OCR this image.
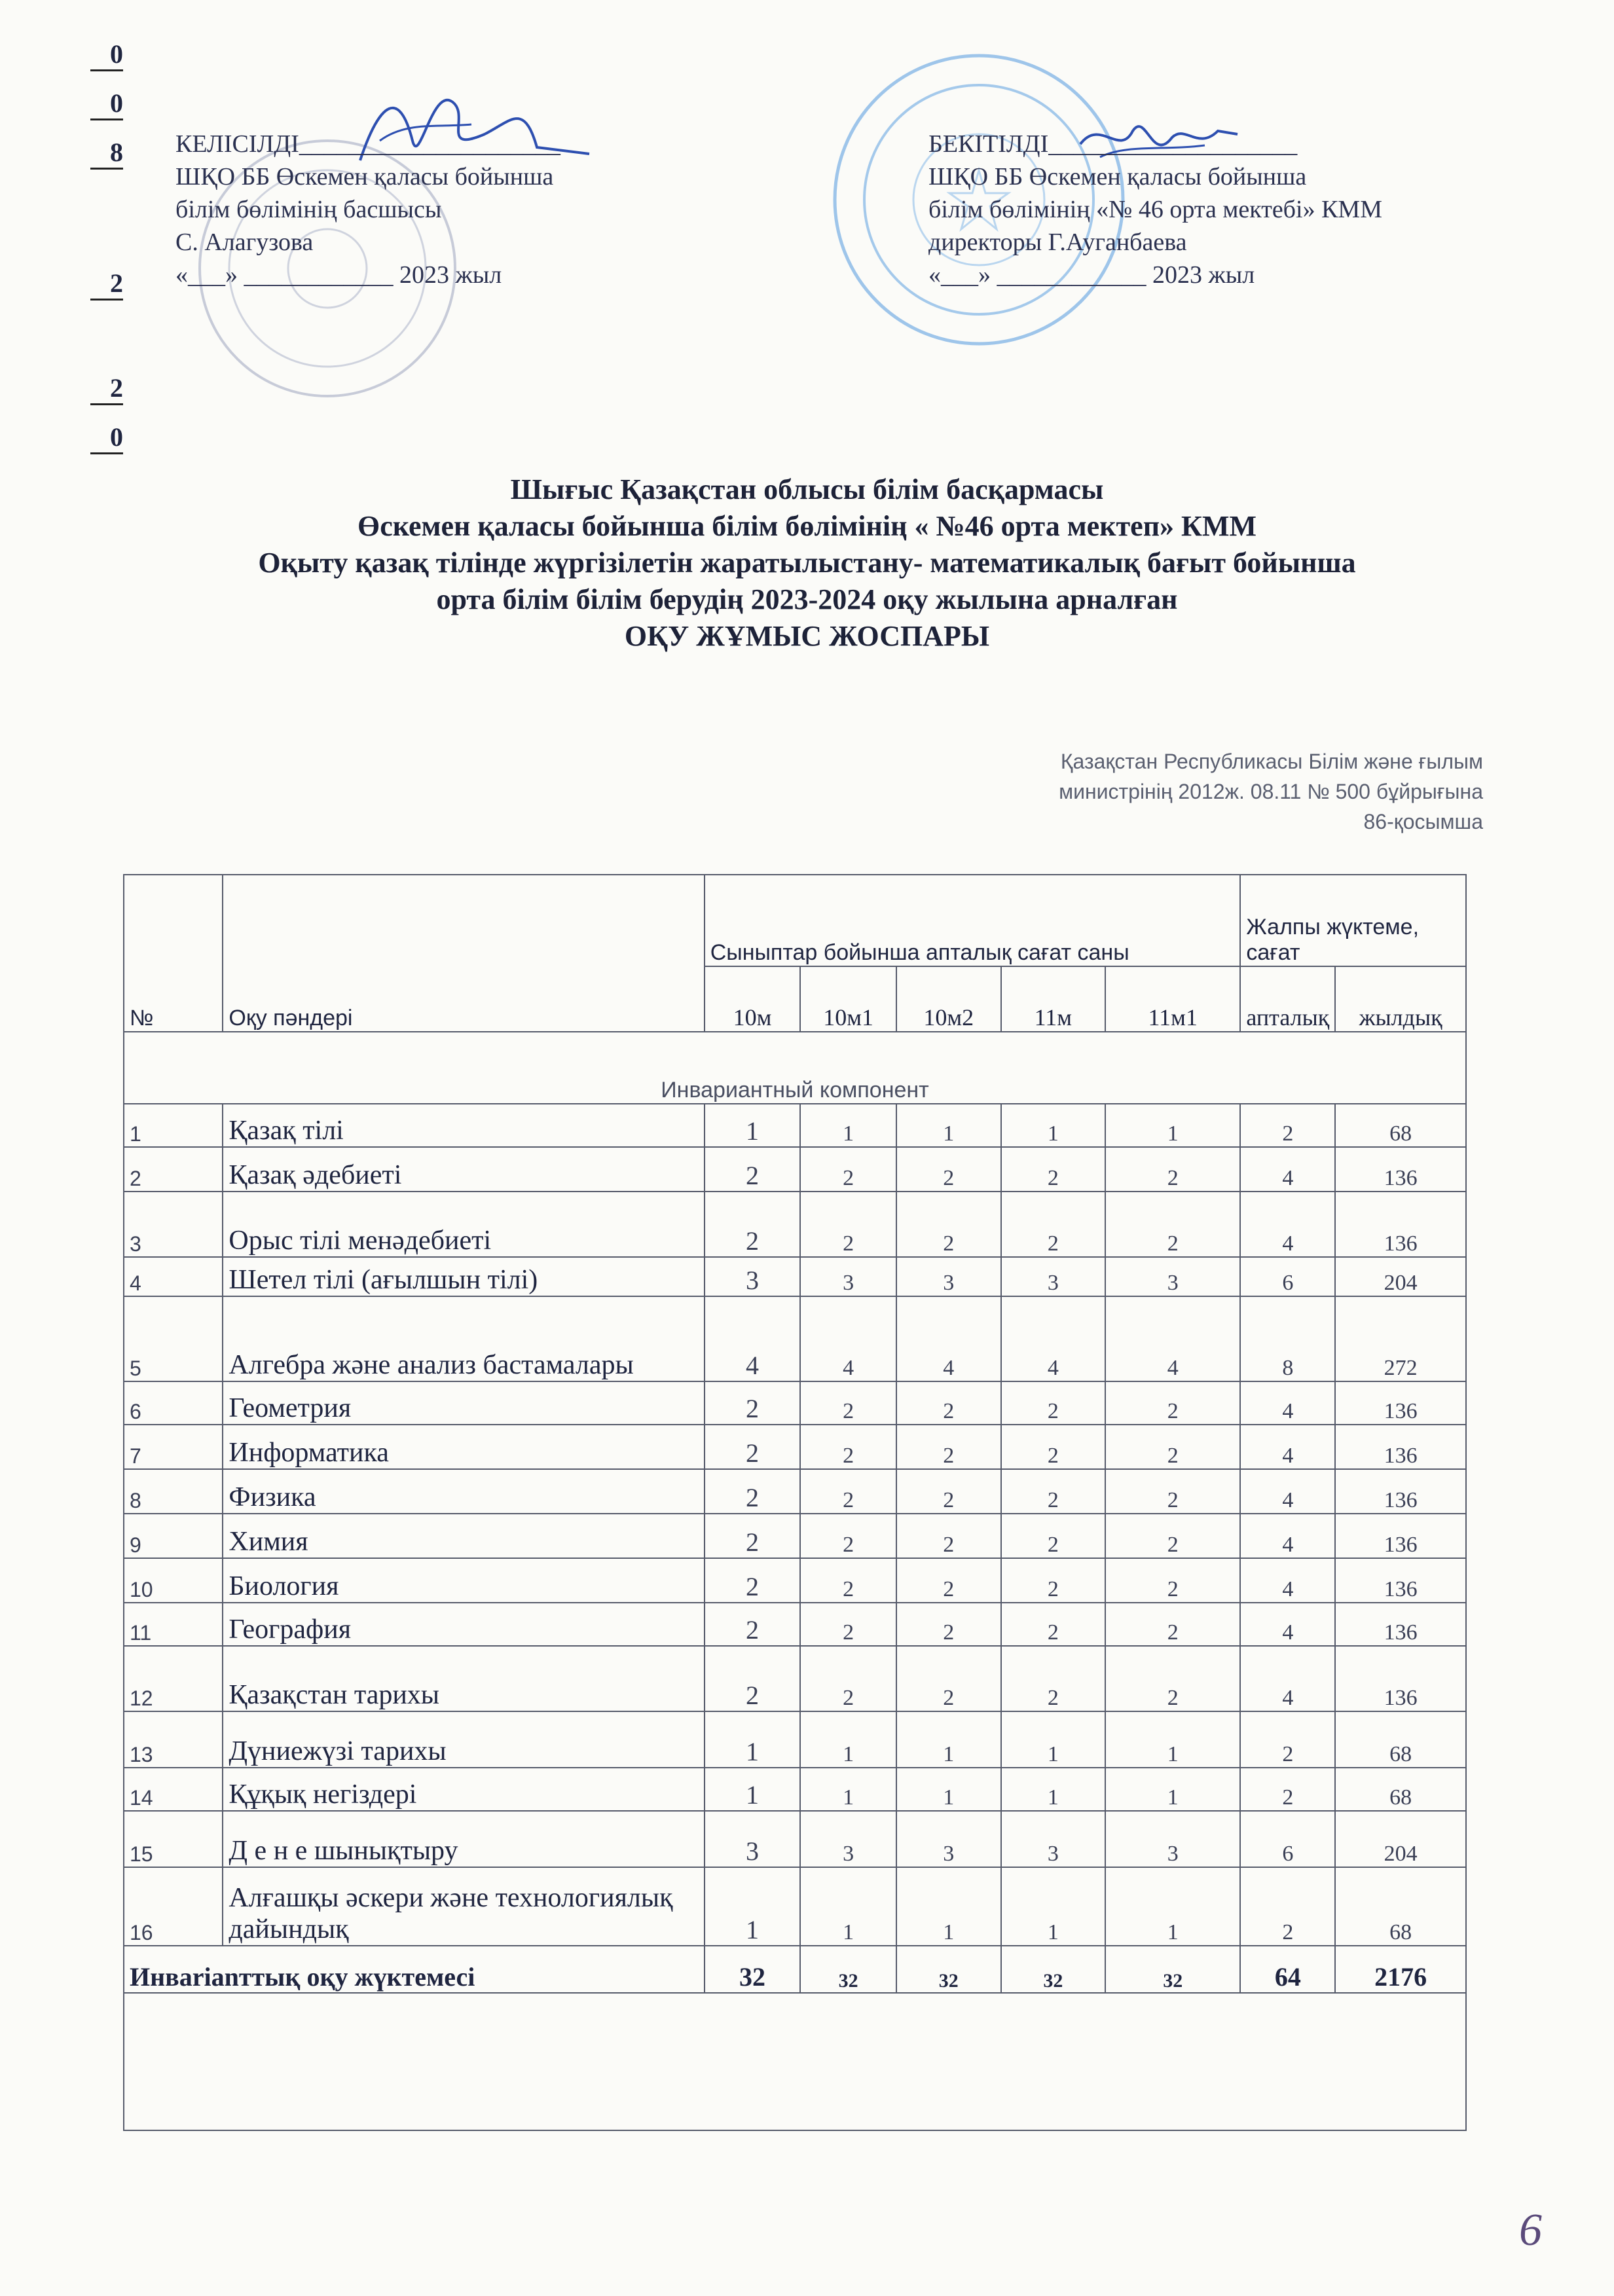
0
0
8
2
2
0
КЕЛІСІЛДІ_____________________
ШҚО ББ Өскемен қаласы бойынша
білім бөлімінің басшысы
С. Алагузова
«___» ____________ 2023 жыл
БЕКІТІЛДІ____________________
ШҚО ББ Өскемен қаласы бойынша
білім бөлімінің «№ 46 орта мектебі» КММ
директоры Г.Ауганбаева
«___» ____________ 2023 жыл
Шығыс Қазақстан облысы білім басқармасы
Өскемен қаласы бойынша білім бөлімінің « №46 орта мектеп» КММ
Оқыту қазақ тілінде жүргізілетін жаратылыстану- математикалық бағыт бойынша
орта білім білім берудің 2023-2024 оқу жылына арналған
ОҚУ ЖҰМЫС ЖОСПАРЫ
Қазақстан Республикасы Білім және ғылым
министрінің 2012ж. 08.11 № 500 бұйрығына
86-қосымша
№	Оқу пәндері	Сыныптар бойынша апталық сағат саны					Жалпы жүктеме, сағат	
		10м	10м1	10м2	11м	11м1	апталық	жылдық
Инвариантный компонент								
1	Қазақ тілі	1	1	1	1	1	2	68
2	Қазақ әдебиеті	2	2	2	2	2	4	136
3	Орыс тілі менәдебиеті	2	2	2	2	2	4	136
4	Шетел тілі (ағылшын тілі)	3	3	3	3	3	6	204
5	Алгебра және анализ бастамалары	4	4	4	4	4	8	272
6	Геометрия	2	2	2	2	2	4	136
7	Информатика	2	2	2	2	2	4	136
8	Физика	2	2	2	2	2	4	136
9	Химия	2	2	2	2	2	4	136
10	Биология	2	2	2	2	2	4	136
11	География	2	2	2	2	2	4	136
12	Қазақстан тарихы	2	2	2	2	2	4	136
13	Дүниежүзі тарихы	1	1	1	1	1	2	68
14	Құқық негіздері	1	1	1	1	1	2	68
15	Д е н е шынықтыру	3	3	3	3	3	6	204
16	Алғашқы әскери және технологиялық дайындық	1	1	1	1	1	2	68
Инвarianттық оқу жүктемесі		32	32	32	32	32	64	2176

6
